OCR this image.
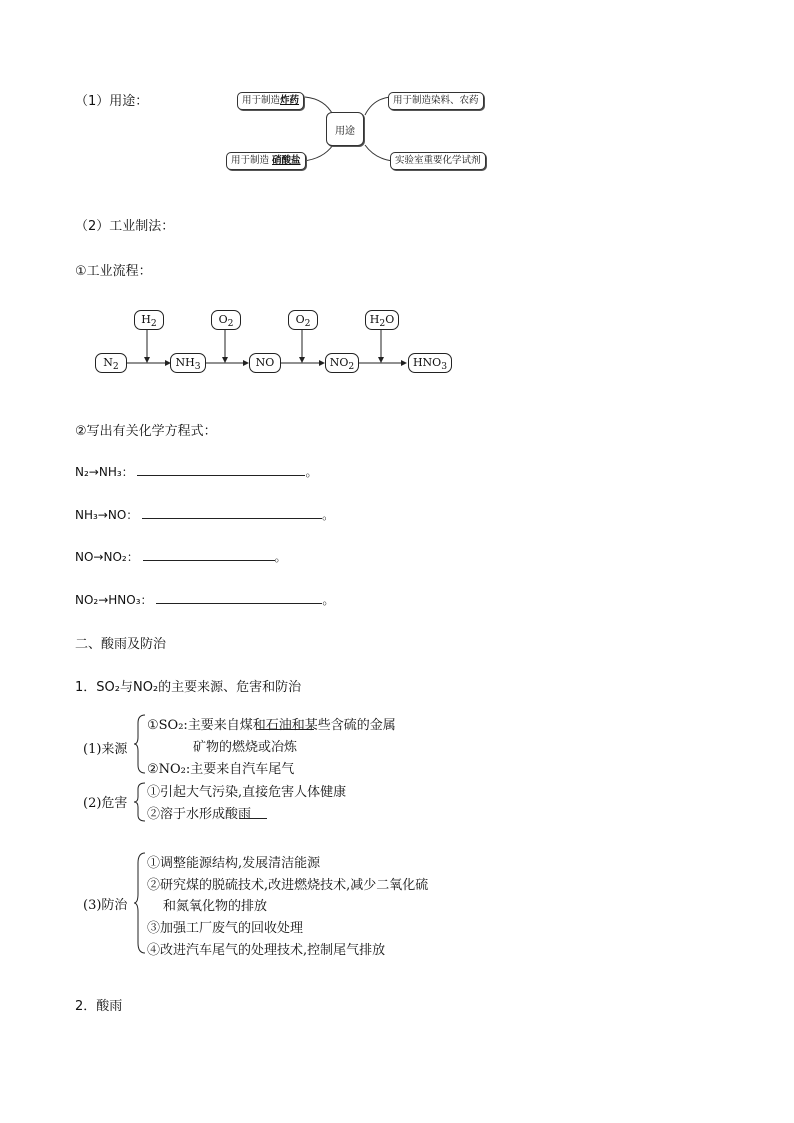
（1）用途：	用于制造炸药
用于制造 硝酸盐
用途
用于制造染料、农药
实验室重要化学试剂
（2）工业制法：
①工业流程：
$H_2$	$O_2$	$O_2$	$H_2O$
$N_2$	$NH_3$	NO	$NO_2$	$HNO_3$
②写出有关化学方程式：
N₂→NH₃：	。
NH₃→NO：	。
NO→NO₂：	。
NO₂→HNO₃：	。
二、酸雨及防治
1．SO₂与NO₂的主要来源、危害和防治
(1)来源
①SO₂:主要来自煤和石油和某些含硫的金属
矿物的燃烧或冶炼
②NO₂:主要来自汽车尾气
(2)危害
①引起大气污染,直接危害人体健康
②溶于水形成酸雨
(3)防治
①调整能源结构,发展清洁能源
②研究煤的脱硫技术,改进燃烧技术,减少二氧化硫
和氮氧化物的排放
③加强工厂废气的回收处理
④改进汽车尾气的处理技术,控制尾气排放
2．酸雨
